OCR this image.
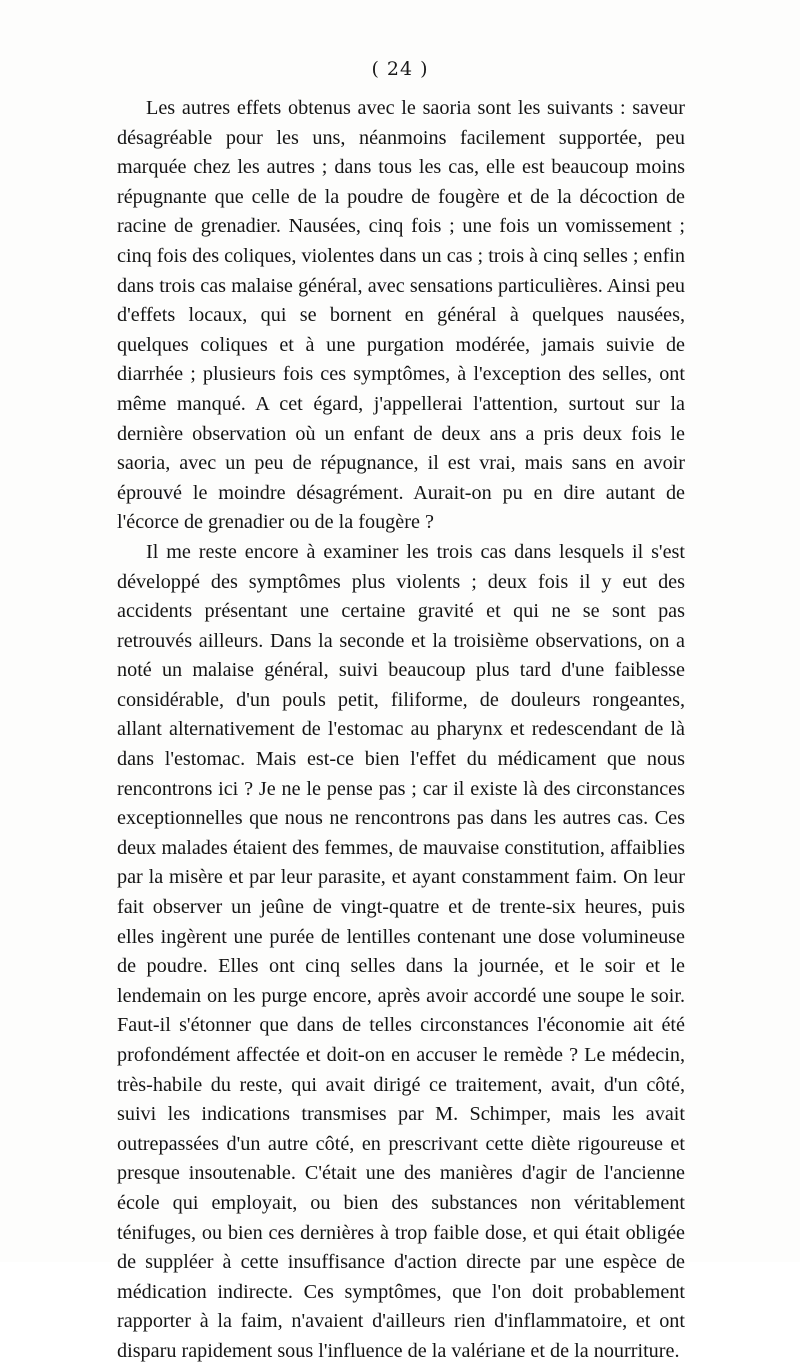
( 24 )

Les autres effets obtenus avec le saoria sont les suivants : saveur désagréable pour les uns, néanmoins facilement supportée, peu marquée chez les autres ; dans tous les cas, elle est beaucoup moins répugnante que celle de la poudre de fougère et de la décoction de racine de grenadier. Nausées, cinq fois ; une fois un vomissement ; cinq fois des coliques, violentes dans un cas ; trois à cinq selles ; enfin dans trois cas malaise général, avec sensations particulières. Ainsi peu d'effets locaux, qui se bornent en général à quelques nausées, quelques coliques et à une purgation modérée, jamais suivie de diarrhée ; plusieurs fois ces symptômes, à l'exception des selles, ont même manqué. A cet égard, j'appellerai l'attention, surtout sur la dernière observation où un enfant de deux ans a pris deux fois le saoria, avec un peu de répugnance, il est vrai, mais sans en avoir éprouvé le moindre désagrément. Aurait-on pu en dire autant de l'écorce de grenadier ou de la fougère ?

Il me reste encore à examiner les trois cas dans lesquels il s'est développé des symptômes plus violents ; deux fois il y eut des accidents présentant une certaine gravité et qui ne se sont pas retrouvés ailleurs. Dans la seconde et la troisième observations, on a noté un malaise général, suivi beaucoup plus tard d'une faiblesse considérable, d'un pouls petit, filiforme, de douleurs rongeantes, allant alternativement de l'estomac au pharynx et redescendant de là dans l'estomac. Mais est-ce bien l'effet du médicament que nous rencontrons ici ? Je ne le pense pas ; car il existe là des circonstances exceptionnelles que nous ne rencontrons pas dans les autres cas. Ces deux malades étaient des femmes, de mauvaise constitution, affaiblies par la misère et par leur parasite, et ayant constamment faim. On leur fait observer un jeûne de vingt-quatre et de trente-six heures, puis elles ingèrent une purée de lentilles contenant une dose volumineuse de poudre. Elles ont cinq selles dans la journée, et le soir et le lendemain on les purge encore, après avoir accordé une soupe le soir. Faut-il s'étonner que dans de telles circonstances l'économie ait été profondément affectée et doit-on en accuser le remède ? Le médecin, très-habile du reste, qui avait dirigé ce traitement, avait, d'un côté, suivi les indications transmises par M. Schimper, mais les avait outrepassées d'un autre côté, en prescrivant cette diète rigoureuse et presque insoutenable. C'était une des manières d'agir de l'ancienne école qui employait, ou bien des substances non véritablement ténifuges, ou bien ces dernières à trop faible dose, et qui était obligée de suppléer à cette insuffisance d'action directe par une espèce de médication indirecte. Ces symptômes, que l'on doit probablement rapporter à la faim, n'avaient d'ailleurs rien d'inflammatoire, et ont disparu rapidement sous l'influence de la valériane et de la nourriture.
